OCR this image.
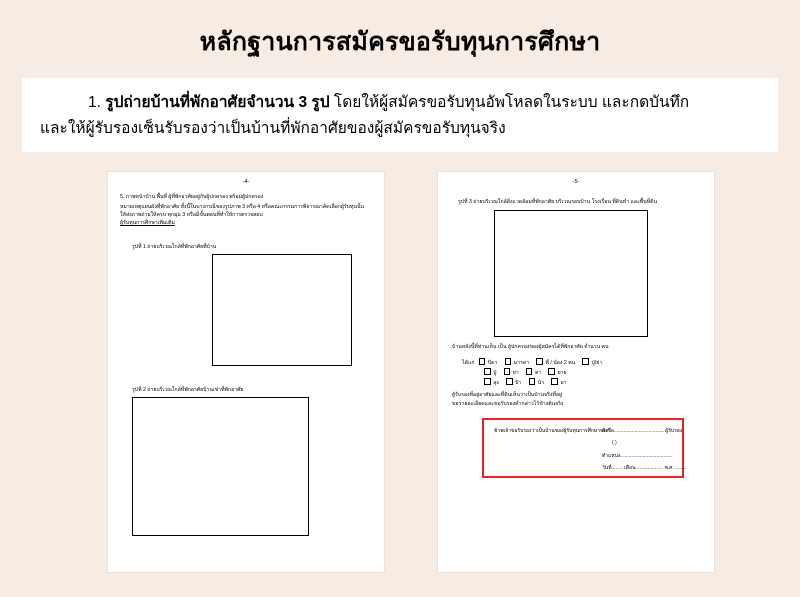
หลักฐานการสมัครขอรับทุนการศึกษา
1. รูปถ่ายบ้านที่พักอาศัยจำนวน 3 รูป โดยให้ผู้สมัครขอรับทุนอัพโหลดในระบบ และกดบันทึก
และให้ผู้รับรองเซ็นรับรองว่าเป็นบ้านที่พักอาศัยของผู้สมัครขอรับทุนจริง
-4-
5. ภาพหน้าบ้าน พื้นที่ ผู้ที่พักอาศัยอยู่กับผู้ปกครอง พร้อมผู้ปกครอง
หมายเหตุแผนผังที่พักอาศัย ทั้งนี้ในบางกรณีของรูปภาพ 3 หรือ 4 หรือคณะกรรมการพิจารณาคัดเลือกผู้รับทุนนั้น
ให้ส่งภาพถ่ายให้ครบ ทุกมุม 3 หรือมีขั้นตอนที่ทำให้การตรวจสอบ
ผู้รับทุนการศึกษาเพิ่มเติม
รูปที่ 1 ถ่ายบริเวณใกล้ที่พักอาศัยที่บ้าน
รูปที่ 2 ถ่ายบริเวณใกล้ที่พักอาศัยบ้านเช่าที่พักอาศัย
-5-
รูปที่ 3 ถ่ายบริเวณใกล้สิ่งแวดล้อมที่พักอาศัย บริเวณรอบบ้าน โรงเรือน ที่ดินทำ และพื้นที่ดิน
บ้านหลังนี้ที่ท่านเห็น เป็น ผู้ปกครองของผู้สมัครได้ที่พักอาศัย จำนวน คน
ได้แก่	บิดา	มารดา	พี่ / น้อง 2 คน	ปู่/ย่า
ปู่	ย่า	ตา	ยาย
ลุง	ป้า	น้า	อา
ผู้รับรองที่อยู่อาศัยและที่ดินเห็นว่าเป็นบ้านจริงที่อยู่
ขอรายละเอียดและขอรับรองคำกล่าวไว้ข้างต้นจริง
ข้าพเจ้าขอรับรองว่าเป็นบ้านของผู้รับทุนการศึกษาจริง
ลงชื่อ.................................... ผู้รับรอง
( )
ตำแหน่ง.....................................
วันที่........ เดือน.................... พ.ศ. ........
